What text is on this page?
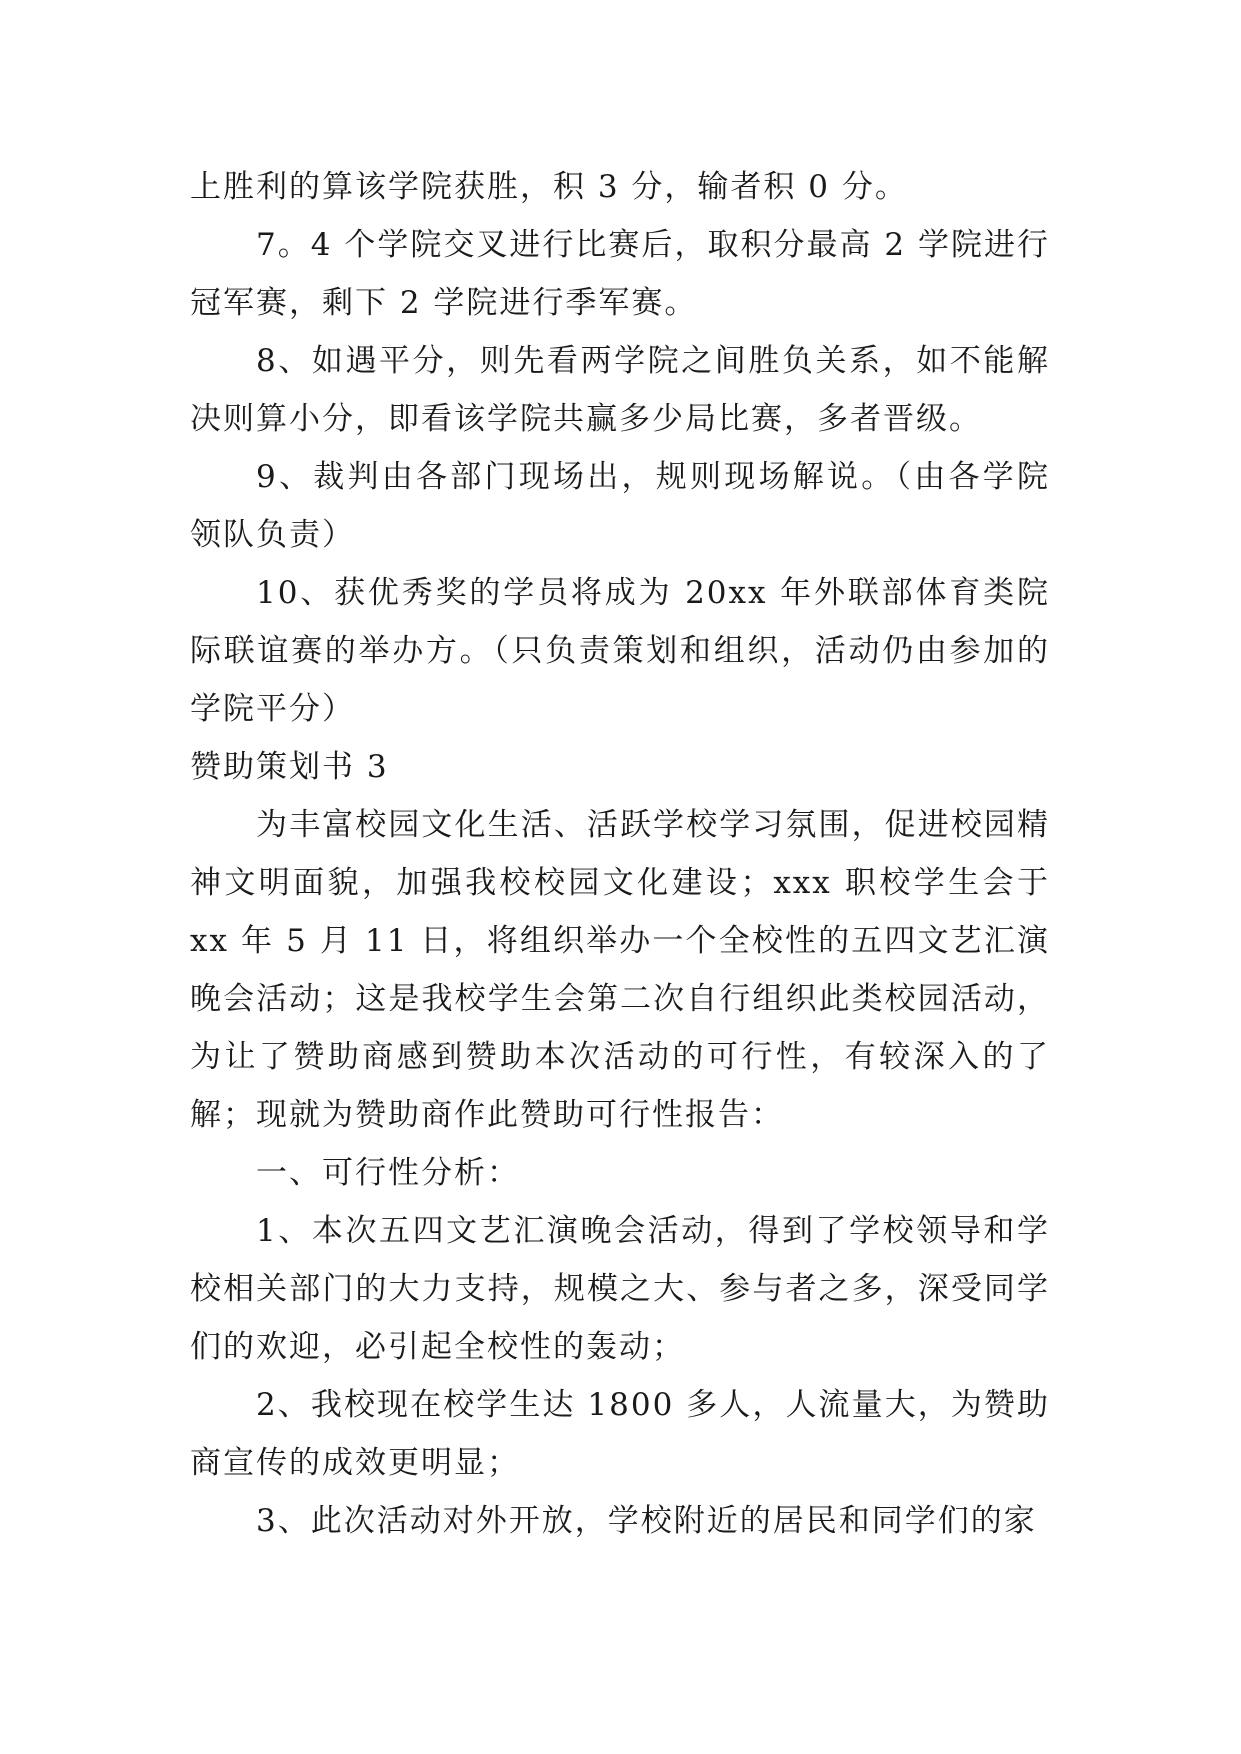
上胜利的算该学院获胜，积 3 分，输者积 0 分。

7。4 个学院交叉进行比赛后，取积分最高 2 学院进行冠军赛，剩下 2 学院进行季军赛。

8、如遇平分，则先看两学院之间胜负关系，如不能解决则算小分，即看该学院共赢多少局比赛，多者晋级。

9、裁判由各部门现场出，规则现场解说。（由各学院领队负责）

10、获优秀奖的学员将成为 20xx 年外联部体育类院际联谊赛的举办方。（只负责策划和组织，活动仍由参加的学院平分）

赞助策划书 3

为丰富校园文化生活、活跃学校学习氛围，促进校园精神文明面貌，加强我校校园文化建设；xxx 职校学生会于 xx 年 5 月 11 日，将组织举办一个全校性的五四文艺汇演晚会活动；这是我校学生会第二次自行组织此类校园活动，为让了赞助商感到赞助本次活动的可行性，有较深入的了解；现就为赞助商作此赞助可行性报告：

一、可行性分析：

1、本次五四文艺汇演晚会活动，得到了学校领导和学校相关部门的大力支持，规模之大、参与者之多，深受同学们的欢迎，必引起全校性的轰动；

2、我校现在校学生达 1800 多人，人流量大，为赞助商宣传的成效更明显；

3、此次活动对外开放，学校附近的居民和同学们的家
